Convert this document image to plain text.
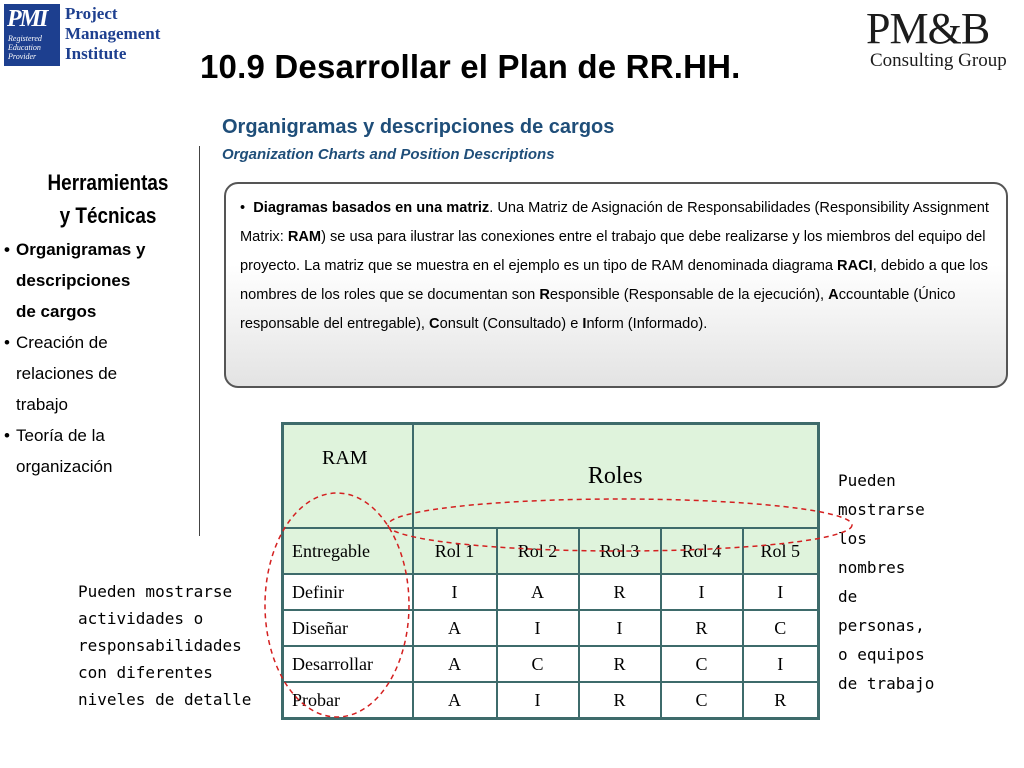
PMI
Registered
Education
Provider
Project
Management
Institute
PM&B
Consulting Group
10.9 Desarrollar el Plan de RR.HH.
Organigramas y descripciones de cargos
Organization Charts and Position Descriptions
Herramientas
y Técnicas
• Organigramas y
descripciones
de cargos
• Creación de
relaciones de
trabajo
• Teoría de la
organización

• Diagramas basados en una matriz. Una Matriz de Asignación de Responsabilidades (Responsibility Assignment Matrix: RAM) se usa para ilustrar las conexiones entre el trabajo que debe realizarse y los miembros del equipo del proyecto. La matriz que se muestra en el ejemplo es un tipo de RAM denominada diagrama RACI, debido a que los nombres de los roles que se documentan son Responsible (Responsable de la ejecución), Accountable (Único responsable del entregable), Consult (Consultado) e Inform (Informado).

RAM	Roles				
Entregable	Rol 1	Rol 2	Rol 3	Rol 4	Rol 5
Definir	I	A	R	I	I
Diseñar	A	I	I	R	C
Desarrollar	A	C	R	C	I
Probar	A	I	R	C	R
Pueden mostrarse
actividades o
responsabilidades
con diferentes
niveles de detalle
Pueden
mostrarse
los
nombres
de
personas,
o equipos
de trabajo
